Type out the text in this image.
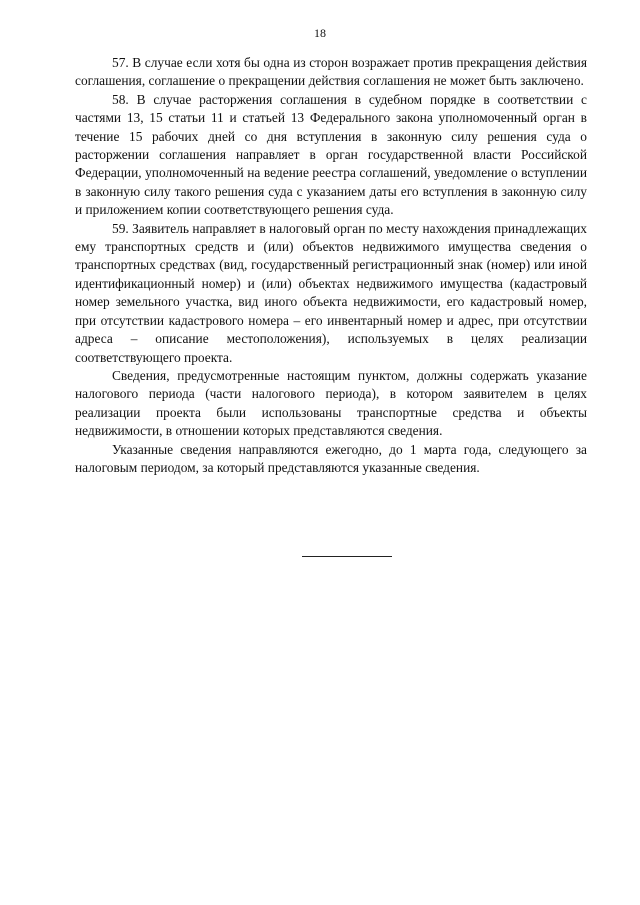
18

57. В случае если хотя бы одна из сторон возражает против прекращения действия соглашения, соглашение о прекращении действия соглашения не может быть заключено.

58. В случае расторжения соглашения в судебном порядке в соответствии с частями 13, 15 статьи 11 и статьей 13 Федерального закона уполномоченный орган в течение 15 рабочих дней со дня вступления в законную силу решения суда о расторжении соглашения направляет в орган государственной власти Российской Федерации, уполномоченный на ведение реестра соглашений, уведомление о вступлении в законную силу такого решения суда с указанием даты его вступления в законную силу и приложением копии соответствующего решения суда.

59. Заявитель направляет в налоговый орган по месту нахождения принадлежащих ему транспортных средств и (или) объектов недвижимого имущества сведения о транспортных средствах (вид, государственный регистрационный знак (номер) или иной идентификационный номер) и (или) объектах недвижимого имущества (кадастровый номер земельного участка, вид иного объекта недвижимости, его кадастровый номер, при отсутствии кадастрового номера – его инвентарный номер и адрес, при отсутствии адреса – описание местоположения), используемых в целях реализации соответствующего проекта.

Сведения, предусмотренные настоящим пунктом, должны содержать указание налогового периода (части налогового периода), в котором заявителем в целях реализации проекта были использованы транспортные средства и объекты недвижимости, в отношении которых представляются сведения.

Указанные сведения направляются ежегодно, до 1 марта года, следующего за налоговым периодом, за который представляются указанные сведения.
